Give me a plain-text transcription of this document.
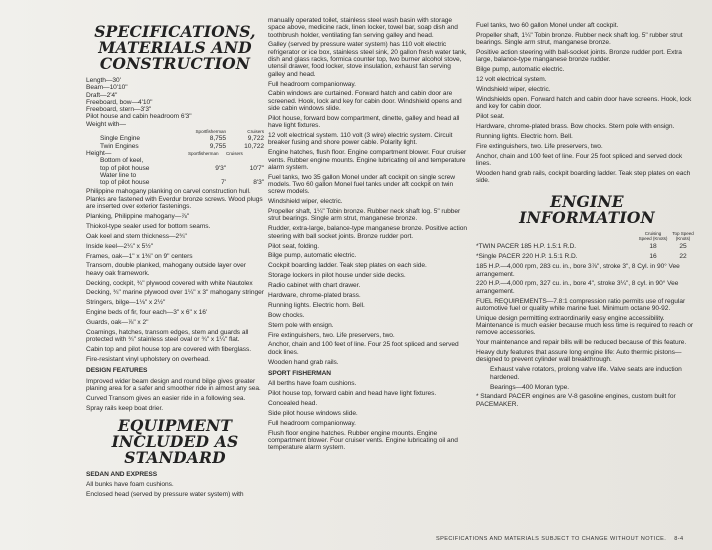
SPECIFICATIONS, MATERIALS AND CONSTRUCTION
Length—30'
Beam—10'10"
Draft—2'4"
Freeboard, bow—4'10"
Freeboard, stern—3'3"
Pilot house and cabin headroom 6'3"
Weight with—
Sportfisherman	Cruisers
Single Engine	8,755	9,722
Twin Engines	9,755	10,722
Height—	Sportfisherman	Cruisers
Bottom of keel,
top of pilot house	9'3"	10'7"
Water line to
top of pilot house	7'	8'3"
Philippine mahogany planking on carvel construction hull. Planks are fastened with Everdur bronze screws. Wood plugs are inserted over exterior fastenings.
Planking, Philippine mahogany—⅞"
Thiokol-type sealer used for bottom seams.
Oak keel and stem thickness—2¾"
Inside keel—2¼" x 5½"
Frames, oak—1" x 1⅜" on 9" centers
Transom, double planked, mahogany outside layer over heavy oak framework.
Decking, cockpit, ¾" plywood covered with white Nautolex
Decking, ¾" marine plywood over 1¼" x 3" mahogany stringer
Stringers, bilge—1⅛" x 2½"
Engine beds of fir, four each—3" x 6" x 16'
Guards, oak—⅞" x 2"
Coamings, hatches, transom edges, stem and guards all protected with ¾" stainless steel oval or ¾" x 1¼" flat.
Cabin top and pilot house top are covered with fiberglass.
Fire-resistant vinyl upholstery on overhead.
DESIGN FEATURES
Improved wider beam design and round bilge gives greater planing area for a safer and smoother ride in almost any sea.
Curved Transom gives an easier ride in a following sea.
Spray rails keep boat drier.
EQUIPMENT INCLUDED AS STANDARD
SEDAN AND EXPRESS
All bunks have foam cushions.
Enclosed head (served by pressure water system) with
manually operated toilet, stainless steel wash basin with storage space above, medicine rack, linen locker, towel bar, soap dish and toothbrush holder, ventilating fan serving galley and head.
Galley (served by pressure water system) has 110 volt electric refrigerator or ice box, stainless steel sink, 20 gallon fresh water tank, dish and glass racks, formica counter top, two burner alcohol stove, utensil drawer, food locker, stove insulation, exhaust fan serving galley and head.
Full headroom companionway.
Cabin windows are curtained. Forward hatch and cabin door are screened. Hook, lock and key for cabin door. Windshield opens and side cabin windows slide.
Pilot house, forward bow compartment, dinette, galley and head all have light fixtures.
12 volt electrical system. 110 volt (3 wire) electric system. Circuit breaker fusing and shore power cable. Polarity light.
Engine hatches, flush floor. Engine compartment blower. Four cruiser vents. Rubber engine mounts. Engine lubricating oil and temperature alarm system.
Fuel tanks, two 35 gallon Monel under aft cockpit on single screw models. Two 60 gallon Monel fuel tanks under aft cockpit on twin screw models.
Windshield wiper, electric.
Propeller shaft, 1¼" Tobin bronze. Rubber neck shaft log. 5" rubber strut bearings. Single arm strut, manganese bronze.
Rudder, extra-large, balance-type manganese bronze. Positive action steering with ball socket joints. Bronze rudder port.
Pilot seat, folding.
Bilge pump, automatic electric.
Cockpit boarding ladder. Teak step plates on each side.
Storage lockers in pilot house under side decks.
Radio cabinet with chart drawer.
Hardware, chrome-plated brass.
Running lights. Electric horn. Bell.
Bow chocks.
Stern pole with ensign.
Fire extinguishers, two. Life preservers, two.
Anchor, chain and 100 feet of line. Four 25 foot spliced and served dock lines.
Wooden hand grab rails.
SPORT FISHERMAN
All berths have foam cushions.
Pilot house top, forward cabin and head have light fixtures.
Concealed head.
Side pilot house windows slide.
Full headroom companionway.
Flush floor engine hatches. Rubber engine mounts. Engine compartment blower. Four cruiser vents. Engine lubricating oil and temperature alarm system.
Fuel tanks, two 60 gallon Monel under aft cockpit.
Propeller shaft, 1¼" Tobin bronze. Rubber neck shaft log. 5" rubber strut bearings. Single arm strut, manganese bronze.
Positive action steering with ball-socket joints. Bronze rudder port. Extra large, balance-type manganese bronze rudder.
Bilge pump, automatic electric.
12 volt electrical system.
Windshield wiper, electric.
Windshields open. Forward hatch and cabin door have screens. Hook, lock and key for cabin door.
Pilot seat.
Hardware, chrome-plated brass. Bow chocks. Stern pole with ensign.
Running lights. Electric horn. Bell.
Fire extinguishers, two. Life preservers, two.
Anchor, chain and 100 feet of line. Four 25 foot spliced and served dock lines.
Wooden hand grab rails, cockpit boarding ladder. Teak step plates on each side.
ENGINE INFORMATION
Cruising Speed (Knots)
Top Speed (Knots)
*TWIN PACER 185 H.P. 1.5:1 R.D.	18	25
*Single PACER 220 H.P. 1.5:1 R.D.	16	22
185 H.P.—4,000 rpm, 283 cu. in., bore 3⅞", stroke 3", 8 Cyl. in 90° Vee arrangement.
220 H.P.—4,000 rpm, 327 cu. in., bore 4", stroke 3¼", 8 cyl. in 90° Vee arrangement.
FUEL REQUIREMENTS—7.8:1 compression ratio permits use of regular automotive fuel or quality white marine fuel. Minimum octane 90-92.
Unique design permitting extraordinarily easy engine accessibility. Maintenance is much easier because much less time is required to reach or remove accessories.
Your maintenance and repair bills will be reduced because of this feature.
Heavy duty features that assure long engine life: Auto thermic pistons—designed to prevent cylinder wall breakthrough.
Exhaust valve rotators, prolong valve life. Valve seats are induction hardened.
Bearings—400 Moran type.
* Standard PACER engines are V-8 gasoline engines, custom built for PACEMAKER.
SPECIFICATIONS AND MATERIALS SUBJECT TO CHANGE WITHOUT NOTICE. 8-4
